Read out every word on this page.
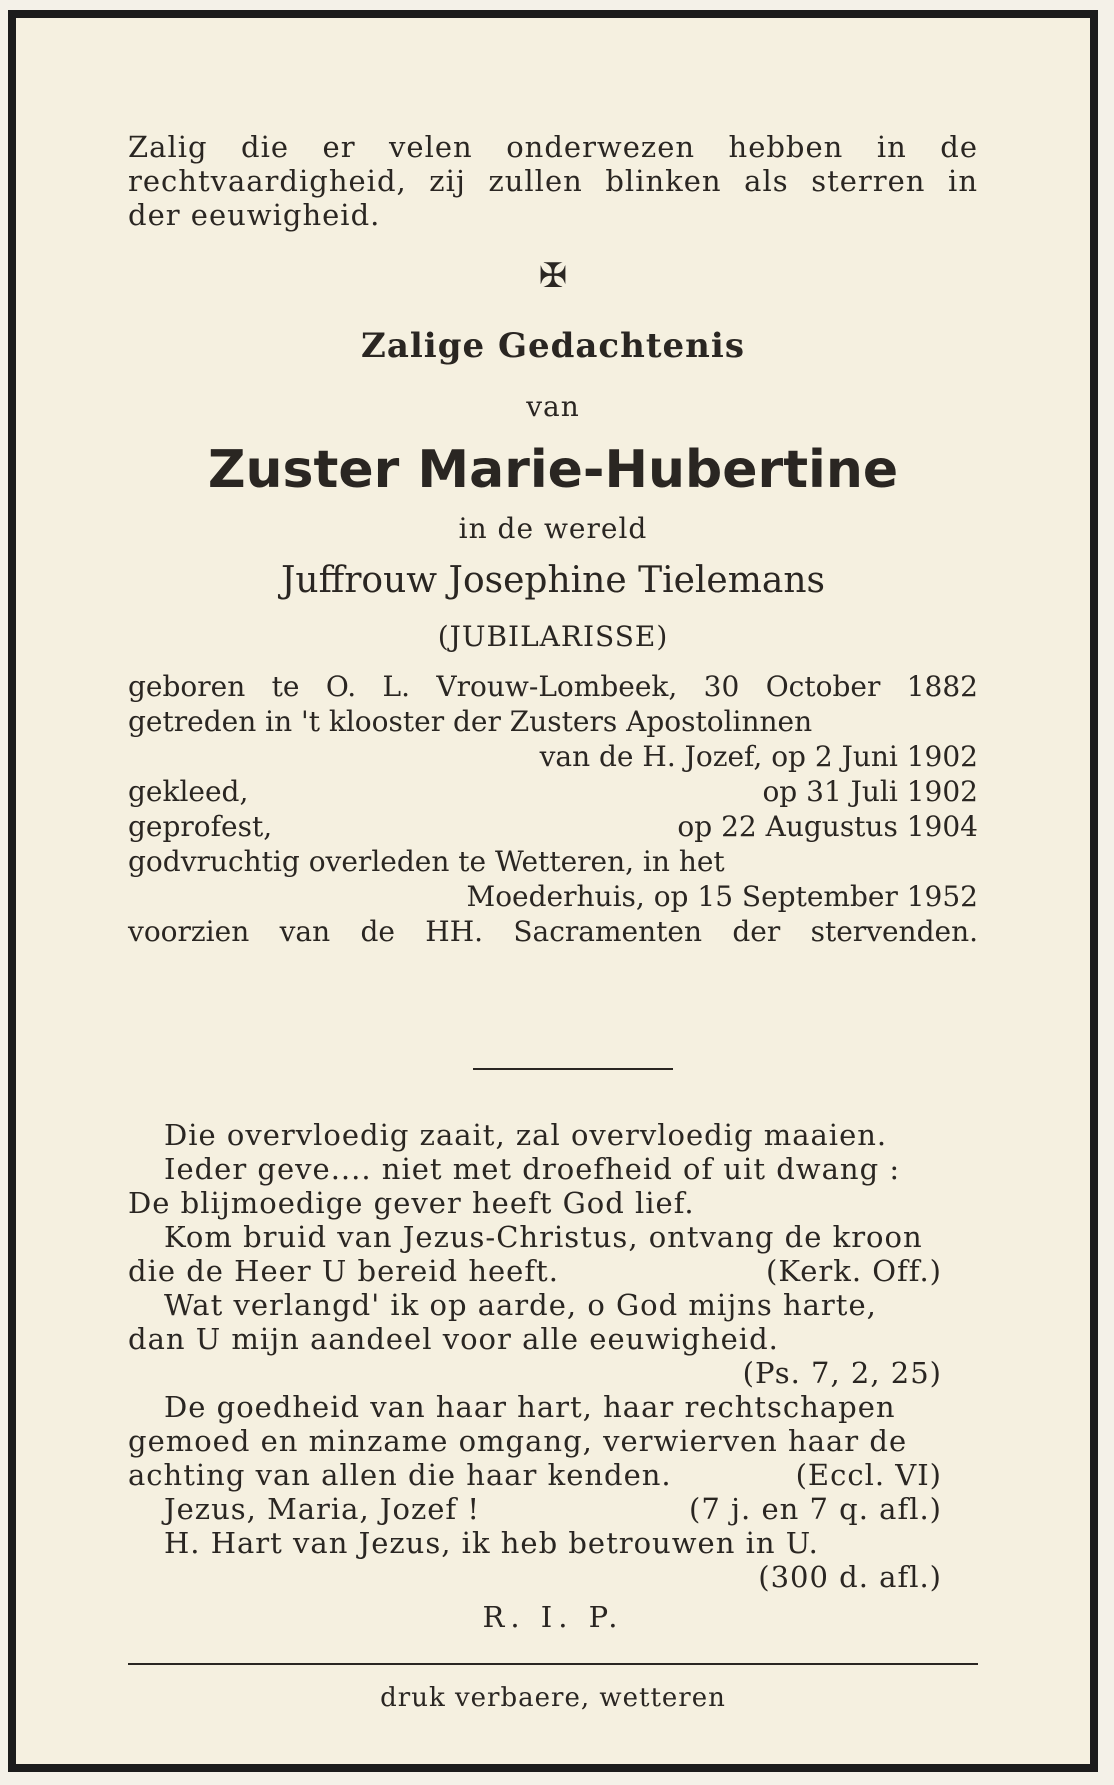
Zalig die er velen onderwezen hebben in de
rechtvaardigheid, zij zullen blinken als sterren in
der eeuwigheid.
✠
Zalige Gedachtenis
van
Zuster Marie-Hubertine
in de wereld
Juffrouw Josephine Tielemans
(JUBILARISSE)
geboren te O. L. Vrouw-Lombeek, 30 October 1882
getreden in 't klooster der Zusters Apostolinnen
van de H. Jozef, op 2 Juni 1902
gekleed,	op 31 Juli 1902
geprofest,	op 22 Augustus 1904
godvruchtig overleden te Wetteren, in het
Moederhuis, op 15 September 1952
voorzien van de HH. Sacramenten der stervenden.
Die overvloedig zaait, zal overvloedig maaien.
Ieder geve.... niet met droefheid of uit dwang :
De blijmoedige gever heeft God lief.
Kom bruid van Jezus-Christus, ontvang de kroon
die de Heer U bereid heeft.	(Kerk. Off.)
Wat verlangd' ik op aarde, o God mijns harte,
dan U mijn aandeel voor alle eeuwigheid.
(Ps. 7, 2, 25)
De goedheid van haar hart, haar rechtschapen
gemoed en minzame omgang, verwierven haar de
achting van allen die haar kenden.	(Eccl. VI)
Jezus, Maria, Jozef !	(7 j. en 7 q. afl.)
H. Hart van Jezus, ik heb betrouwen in U.
(300 d. afl.)
R. I. P.
druk verbaere, wetteren
